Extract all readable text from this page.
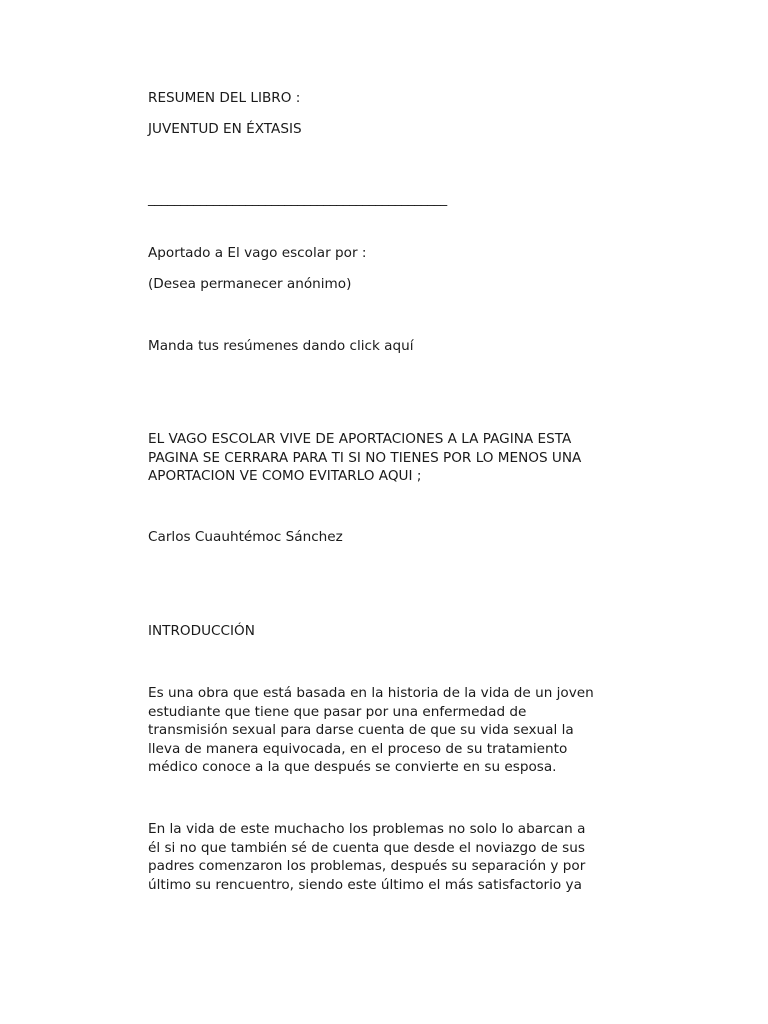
RESUMEN DEL LIBRO :

JUVENTUD EN ÉXTASIS

______________________________________________

Aportado a El vago escolar por :

(Desea permanecer anónimo)

Manda tus resúmenes dando click aquí

EL VAGO ESCOLAR VIVE DE APORTACIONES A LA PAGINA ESTA
PAGINA SE CERRARA PARA TI SI NO TIENES POR LO MENOS UNA
APORTACION VE COMO EVITARLO AQUI ;

Carlos Cuauhtémoc Sánchez

INTRODUCCIÓN

Es una obra que está basada en la historia de la vida de un joven
estudiante que tiene que pasar por una enfermedad de
transmisión sexual para darse cuenta de que su vida sexual la
lleva de manera equivocada, en el proceso de su tratamiento
médico conoce a la que después se convierte en su esposa.
En la vida de este muchacho los problemas no solo lo abarcan a
él si no que también sé de cuenta que desde el noviazgo de sus
padres comenzaron los problemas, después su separación y por
último su rencuentro, siendo este último el más satisfactorio ya
